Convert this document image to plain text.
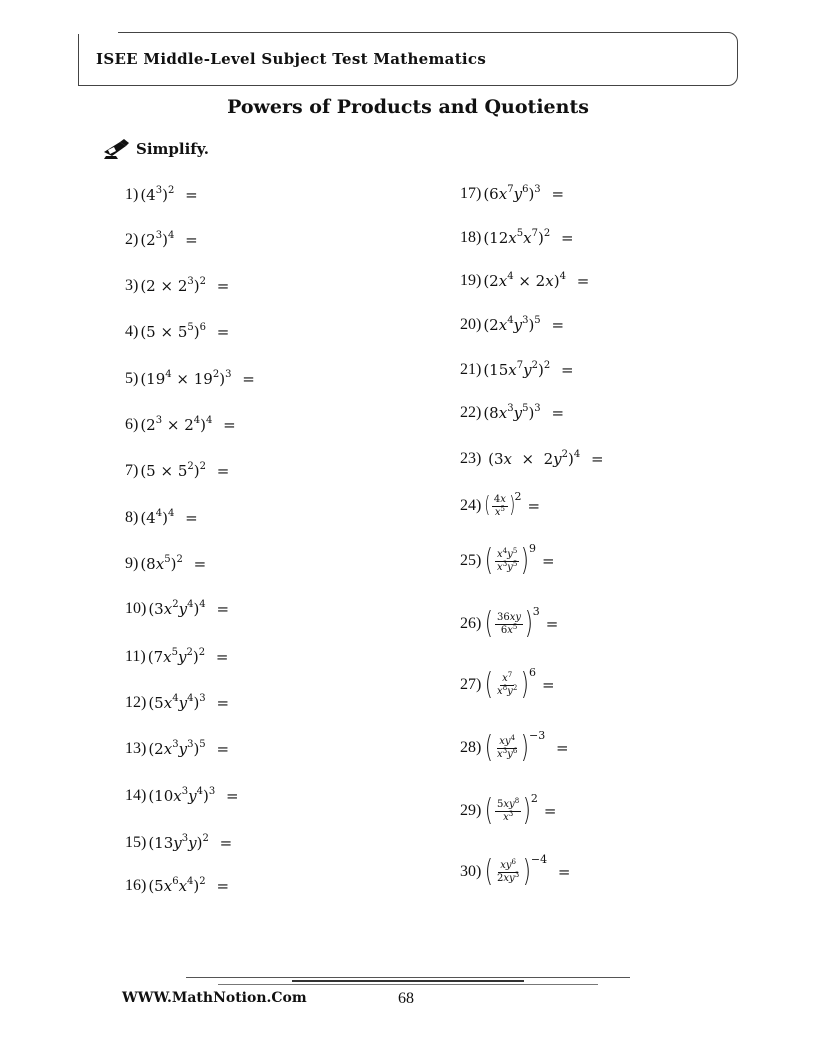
ISEE Middle-Level Subject Test Mathematics
Powers of Products and Quotients
Simplify.
1) $(4^3)^2$ =
2) $(2^3)^4$ =
3) $(2 \times 2^3)^2$ =
4) $(5 \times 5^5)^6$ =
5) $(19^4 \times 19^2)^3$ =
6) $(2^3 \times 2^4)^4$ =
7) $(5 \times 5^2)^2$ =
8) $(4^4)^4$ =
9) $(8x^5)^2$ =
10) $(3x^2y^4)^4$ =
11) $(7x^5y^2)^2$ =
12) $(5x^4y^4)^3$ =
13) $(2x^3y^3)^5$ =
14) $(10x^3y^4)^3$ =
15) $(13y^3y)^2$ =
16) $(5x^6x^4)^2$ =
17) $(6x^7y^6)^3$ =
18) $(12x^5x^7)^2$ =
19) $(2x^4 \times 2x)^4$ =
20) $(2x^4y^3)^5$ =
21) $(15x^7y^2)^2$ =
22) $(8x^3y^5)^3$ =
23) $(3x \times 2y^2)^4$ =
24) ( $\frac{4x}{x^5}$ ) 2
=
25) ( $\frac{x^4y^5}{x^3y^5}$ ) 9
=
26) ( $\frac{36xy}{6x^5}$ ) 3
=
27) ( $\frac{x^7}{x^8y^2}$ ) 6
=
28) ( $\frac{xy^4}{x^3y^6}$ ) −3
=
29) ( $\frac{5xy^8}{x^3}$ ) 2
=
30) ( $\frac{xy^6}{2xy^3}$ ) −4
=
WWW.MathNotion.Com	68
